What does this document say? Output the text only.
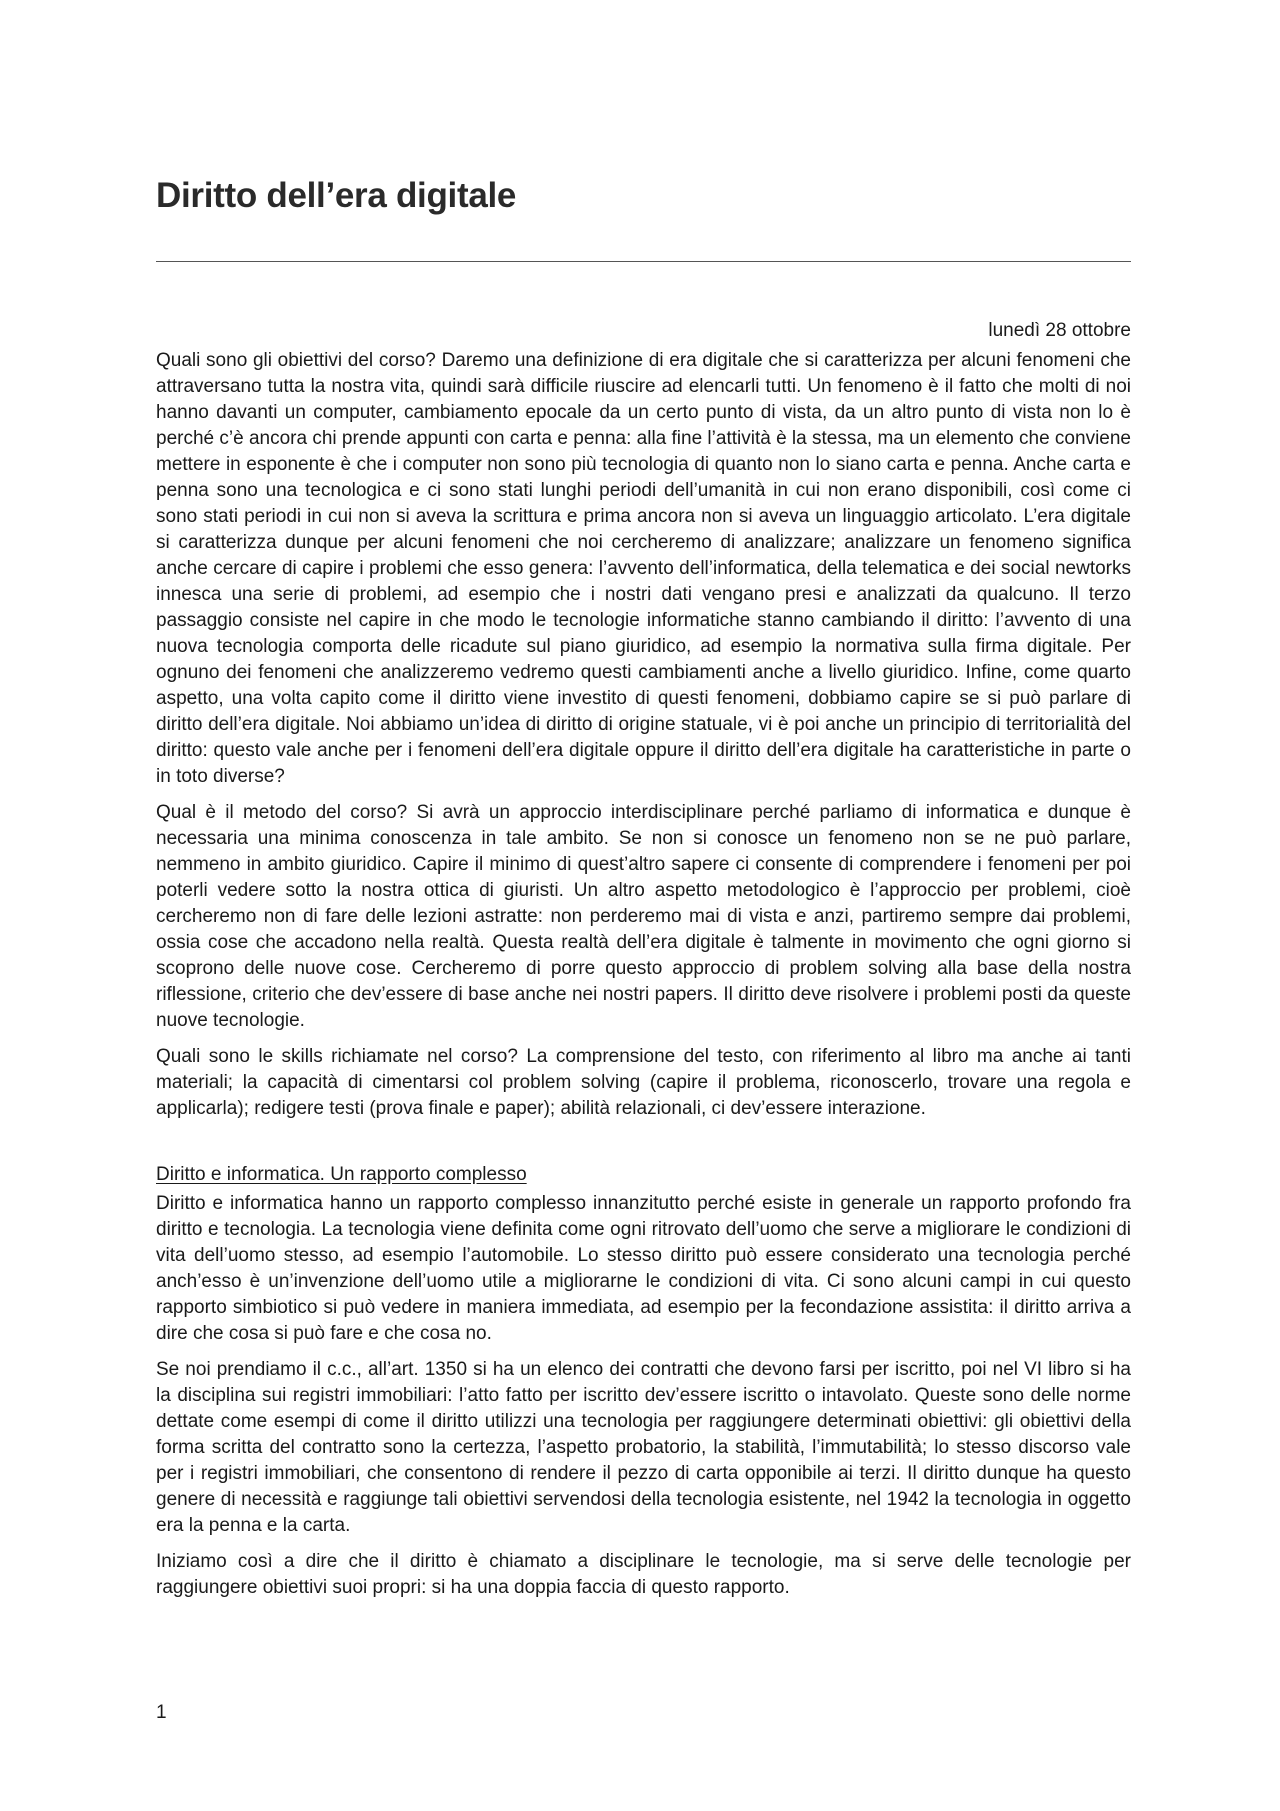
Diritto dell’era digitale
lunedì 28 ottobre

Quali sono gli obiettivi del corso? Daremo una definizione di era digitale che si caratterizza per alcuni fenomeni che attraversano tutta la nostra vita, quindi sarà difficile riuscire ad elencarli tutti. Un fenomeno è il fatto che molti di noi hanno davanti un computer, cambiamento epocale da un certo punto di vista, da un altro punto di vista non lo è perché c’è ancora chi prende appunti con carta e penna: alla fine l’attività è la stessa, ma un elemento che conviene mettere in esponente è che i computer non sono più tecnologia di quanto non lo siano carta e penna. Anche carta e penna sono una tecnologica e ci sono stati lunghi periodi dell’umanità in cui non erano disponibili, così come ci sono stati periodi in cui non si aveva la scrittura e prima ancora non si aveva un linguaggio articolato. L’era digitale si caratterizza dunque per alcuni fenomeni che noi cercheremo di analizzare; analizzare un fenomeno significa anche cercare di capire i problemi che esso genera: l’avvento dell’informatica, della telematica e dei social newtorks innesca una serie di problemi, ad esempio che i nostri dati vengano presi e analizzati da qualcuno. Il terzo passaggio consiste nel capire in che modo le tecnologie informatiche stanno cambiando il diritto: l’avvento di una nuova tecnologia comporta delle ricadute sul piano giuridico, ad esempio la normativa sulla firma digitale. Per ognuno dei fenomeni che analizzeremo vedremo questi cambiamenti anche a livello giuridico. Infine, come quarto aspetto, una volta capito come il diritto viene investito di questi fenomeni, dobbiamo capire se si può parlare di diritto dell’era digitale. Noi abbiamo un’idea di diritto di origine statuale, vi è poi anche un principio di territorialità del diritto: questo vale anche per i fenomeni dell’era digitale oppure il diritto dell’era digitale ha caratteristiche in parte o in toto diverse?

Qual è il metodo del corso? Si avrà un approccio interdisciplinare perché parliamo di informatica e dunque è necessaria una minima conoscenza in tale ambito. Se non si conosce un fenomeno non se ne può parlare, nemmeno in ambito giuridico. Capire il minimo di quest’altro sapere ci consente di comprendere i fenomeni per poi poterli vedere sotto la nostra ottica di giuristi. Un altro aspetto metodologico è l’approccio per problemi, cioè cercheremo non di fare delle lezioni astratte: non perderemo mai di vista e anzi, partiremo sempre dai problemi, ossia cose che accadono nella realtà. Questa realtà dell’era digitale è talmente in movimento che ogni giorno si scoprono delle nuove cose. Cercheremo di porre questo approccio di problem solving alla base della nostra riflessione, criterio che dev’essere di base anche nei nostri papers. Il diritto deve risolvere i problemi posti da queste nuove tecnologie.

Quali sono le skills richiamate nel corso? La comprensione del testo, con riferimento al libro ma anche ai tanti materiali; la capacità di cimentarsi col problem solving (capire il problema, riconoscerlo, trovare una regola e applicarla); redigere testi (prova finale e paper); abilità relazionali, ci dev’essere interazione.

Diritto e informatica. Un rapporto complesso

Diritto e informatica hanno un rapporto complesso innanzitutto perché esiste in generale un rapporto profondo fra diritto e tecnologia. La tecnologia viene definita come ogni ritrovato dell’uomo che serve a migliorare le condizioni di vita dell’uomo stesso, ad esempio l’automobile. Lo stesso diritto può essere considerato una tecnologia perché anch’esso è un’invenzione dell’uomo utile a migliorarne le condizioni di vita. Ci sono alcuni campi in cui questo rapporto simbiotico si può vedere in maniera immediata, ad esempio per la fecondazione assistita: il diritto arriva a dire che cosa si può fare e che cosa no.

Se noi prendiamo il c.c., all’art. 1350 si ha un elenco dei contratti che devono farsi per iscritto, poi nel VI libro si ha la disciplina sui registri immobiliari: l’atto fatto per iscritto dev’essere iscritto o intavolato. Queste sono delle norme dettate come esempi di come il diritto utilizzi una tecnologia per raggiungere determinati obiettivi: gli obiettivi della forma scritta del contratto sono la certezza, l’aspetto probatorio, la stabilità, l’immutabilità; lo stesso discorso vale per i registri immobiliari, che consentono di rendere il pezzo di carta opponibile ai terzi. Il diritto dunque ha questo genere di necessità e raggiunge tali obiettivi servendosi della tecnologia esistente, nel 1942 la tecnologia in oggetto era la penna e la carta.

Iniziamo così a dire che il diritto è chiamato a disciplinare le tecnologie, ma si serve delle tecnologie per raggiungere obiettivi suoi propri: si ha una doppia faccia di questo rapporto.

1
